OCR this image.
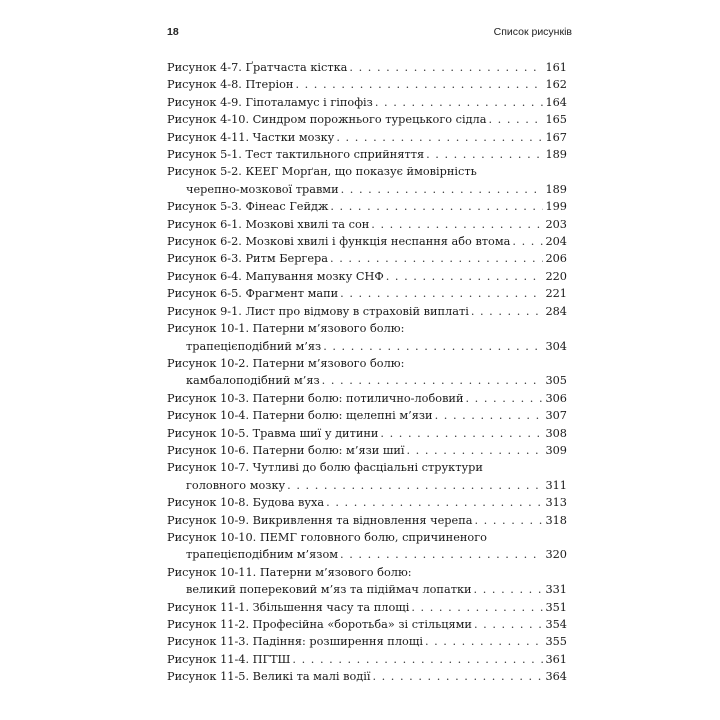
18	Список рисунків
Рисунок 4-7. Ґратчаста кістка . . .	161
Рисунок 4-8. Птеріон . . .	162
Рисунок 4-9. Гіпоталамус і гіпофіз . . .	164
Рисунок 4-10. Синдром порожнього турецького сідла . . .	165
Рисунок 4-11. Частки мозку . . .	167
Рисунок 5-1. Тест тактильного сприйняття . . .	189
Рисунок 5-2. КЕЕГ Морґан, що показує ймовірність
черепно-мозкової травми . . .	189
Рисунок 5-3. Фінеас Гейдж . . .	199
Рисунок 6-1. Мозкові хвилі та сон . . .	203
Рисунок 6-2. Мозкові хвилі і функція неспання або втома . . .	204
Рисунок 6-3. Ритм Бергера . . .	206
Рисунок 6-4. Мапування мозку СНФ . . .	220
Рисунок 6-5. Фрагмент мапи . . .	221
Рисунок 9-1. Лист про відмову в страховій виплаті . . .	284
Рисунок 10-1. Патерни м’язового болю:
трапецієподібний м’яз . . .	304
Рисунок 10-2. Патерни м’язового болю:
камбалоподібний м’яз . . .	305
Рисунок 10-3. Патерни болю: потилично-лобовий . . .	306
Рисунок 10-4. Патерни болю: щелепні м’язи . . .	307
Рисунок 10-5. Травма шиї у дитини . . .	308
Рисунок 10-6. Патерни болю: м’язи шиї . . .	309
Рисунок 10-7. Чутливі до болю фасціальні структури
головного мозку . . .	311
Рисунок 10-8. Будова вуха . . .	313
Рисунок 10-9. Викривлення та відновлення черепа . . .	318
Рисунок 10-10. ПЕМГ головного болю, спричиненого
трапецієподібним м’язом . . .	320
Рисунок 10-11. Патерни м’язового болю:
великий поперековий м’яз та підіймач лопатки . . .	331
Рисунок 11-1. Збільшення часу та площі . . .	351
Рисунок 11-2. Професійна «боротьба» зі стільцями . . .	354
Рисунок 11-3. Падіння: розширення площі . . .	355
Рисунок 11-4. ПГТШ . . .	361
Рисунок 11-5. Великі та малі водії . . .	364
